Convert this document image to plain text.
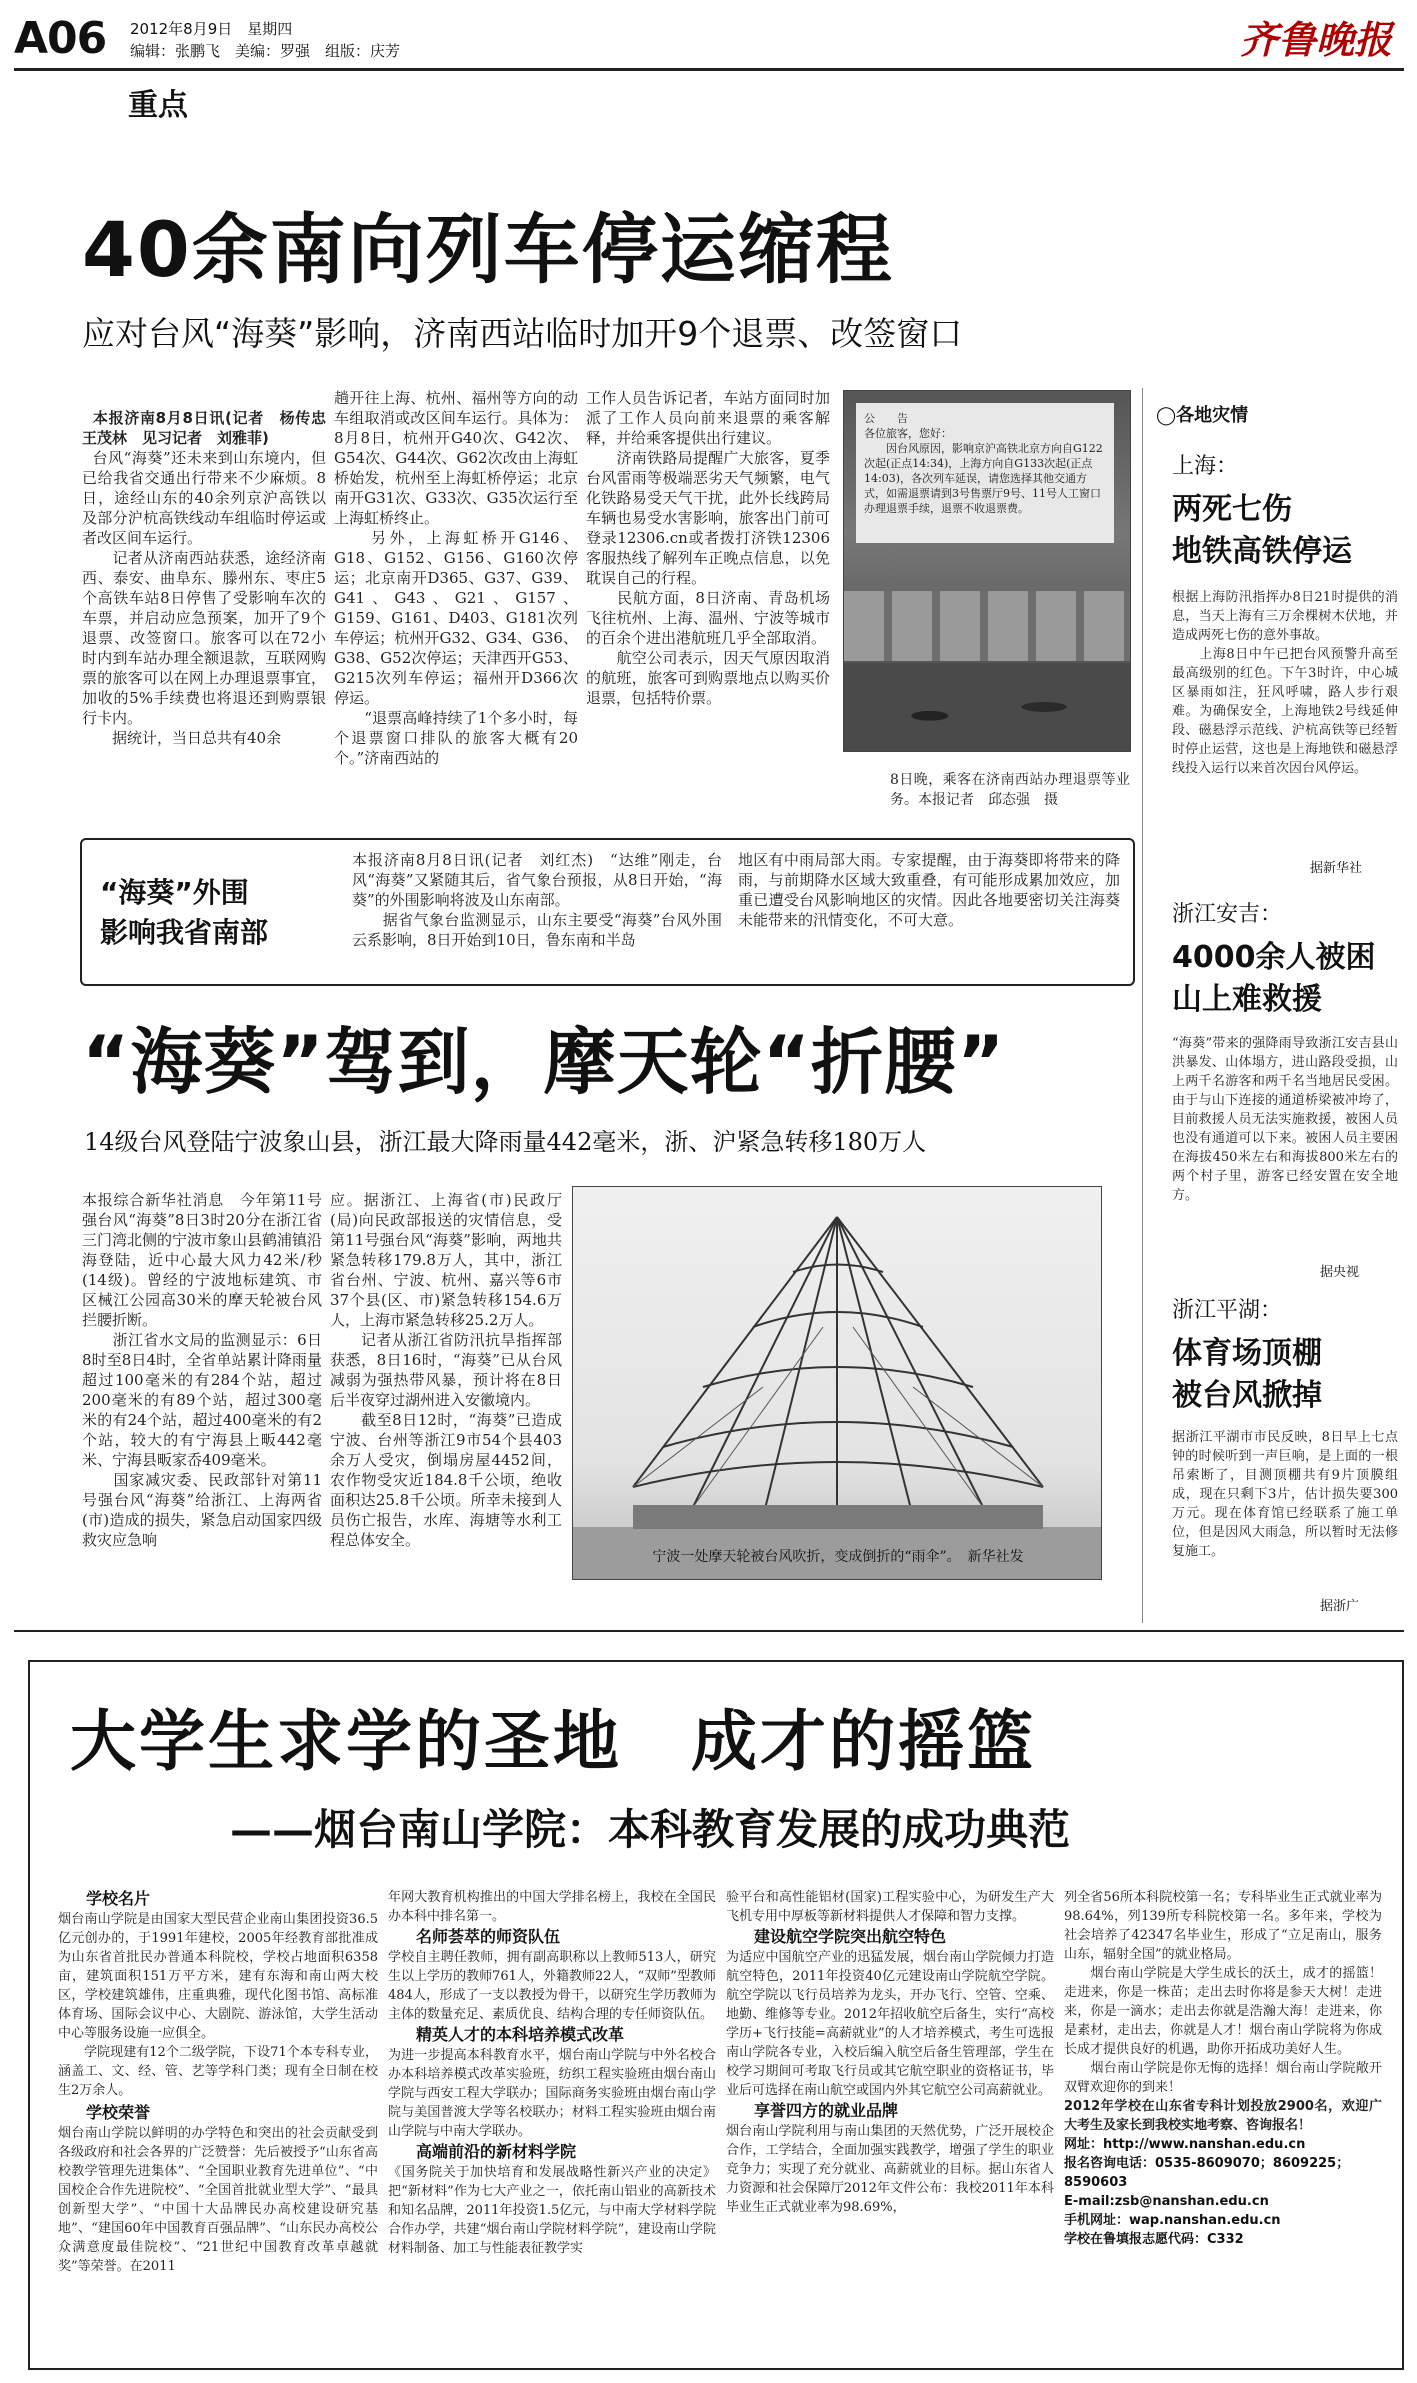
A06 2012年8月9日　星期四
编辑：张鹏飞　美编：罗强　组版：庆芳
重点
齐鲁晚报
40余南向列车停运缩程
应对台风“海葵”影响，济南西站临时加开9个退票、改签窗口

本报济南8月8日讯(记者　杨传忠　王茂林　见习记者　刘雅菲)
台风“海葵”还未来到山东境内，但已给我省交通出行带来不少麻烦。8日，途经山东的40余列京沪高铁以及部分沪杭高铁线动车组临时停运或者改区间车运行。
　　记者从济南西站获悉，途经济南西、泰安、曲阜东、滕州东、枣庄5个高铁车站8日停售了受影响车次的车票，并启动应急预案，加开了9个退票、改签窗口。旅客可以在72小时内到车站办理全额退款，互联网购票的旅客可以在网上办理退票事宜，加收的5%手续费也将退还到购票银行卡内。
　　据统计，当日总共有40余

趟开往上海、杭州、福州等方向的动车组取消或改区间车运行。具体为：8月8日，杭州开G40次、G42次、G54次、G44次、G62次改由上海虹桥始发，杭州至上海虹桥停运；北京南开G31次、G33次、G35次运行至上海虹桥终止。
　　另外，上海虹桥开G146、G18、G152、G156、G160次停运；北京南开D365、G37、G39、G41、G43、G21、G157、G159、G161、D403、G181次列车停运；杭州开G32、G34、G36、G38、G52次停运；天津西开G53、G215次列车停运；福州开D366次停运。
　　“退票高峰持续了1个多小时，每个退票窗口排队的旅客大概有20个。”济南西站的
工作人员告诉记者，车站方面同时加派了工作人员向前来退票的乘客解释，并给乘客提供出行建议。
　　济南铁路局提醒广大旅客，夏季台风雷雨等极端恶劣天气频繁，电气化铁路易受天气干扰，此外长线跨局车辆也易受水害影响，旅客出门前可登录12306.cn或者拨打济铁12306客服热线了解列车正晚点信息，以免耽误自己的行程。
　　民航方面，8日济南、青岛机场飞往杭州、上海、温州、宁波等城市的百余个进出港航班几乎全部取消。
　　航空公司表示，因天气原因取消的航班，旅客可到购票地点以购买价退票，包括特价票。
公　　告
各位旅客，您好：
　　因台风原因，影响京沪高铁北京方向自G122次起(正点14:34)，上海方向自G133次起(正点14:03)，各次列车延误，请您选择其他交通方式，如需退票请到3号售票厅9号、11号人工窗口办理退票手续，退票不收退票费。
8日晚，乘客在济南西站办理退票等业务。本报记者　邱态强　摄
“海葵”外围
影响我省南部
本报济南8月8日讯(记者　刘红杰)　“达维”刚走，台风“海葵”又紧随其后，省气象台预报，从8日开始，“海葵”的外围影响将波及山东南部。
　　据省气象台监测显示，山东主要受“海葵”台风外围云系影响，8日开始到10日，鲁东南和半岛
地区有中雨局部大雨。专家提醒，由于海葵即将带来的降雨，与前期降水区域大致重叠，有可能形成累加效应，加重已遭受台风影响地区的灾情。因此各地要密切关注海葵未能带来的汛情变化，不可大意。
“海葵”驾到，摩天轮“折腰”
14级台风登陆宁波象山县，浙江最大降雨量442毫米，浙、沪紧急转移180万人
本报综合新华社消息　今年第11号强台风“海葵”8日3时20分在浙江省三门湾北侧的宁波市象山县鹤浦镇沿海登陆，近中心最大风力42米/秒(14级)。曾经的宁波地标建筑、市区械江公园高30米的摩天轮被台风拦腰折断。
　　浙江省水文局的监测显示：6日8时至8日4时，全省单站累计降雨量超过100毫米的有284个站，超过200毫米的有89个站，超过300毫米的有24个站，超过400毫米的有2个站，较大的有宁海县上畈442毫米、宁海县畈家岙409毫米。
　　国家减灾委、民政部针对第11号强台风“海葵”给浙江、上海两省(市)造成的损失，紧急启动国家四级救灾应急响
应。据浙江、上海省(市)民政厅(局)向民政部报送的灾情信息，受第11号强台风“海葵”影响，两地共紧急转移179.8万人，其中，浙江省台州、宁波、杭州、嘉兴等6市37个县(区、市)紧急转移154.6万人，上海市紧急转移25.2万人。
　　记者从浙江省防汛抗旱指挥部获悉，8日16时，“海葵”已从台风减弱为强热带风暴，预计将在8日后半夜穿过湖州进入安徽境内。
　　截至8日12时，“海葵”已造成宁波、台州等浙江9市54个县403余万人受灾，倒塌房屋4452间，农作物受灾近184.8千公顷，绝收面积达25.8千公顷。所幸未接到人员伤亡报告，水库、海塘等水利工程总体安全。
宁波一处摩天轮被台风吹折，变成倒折的“雨伞”。　新华社发
◯各地灾情
上海：
两死七伤
地铁高铁停运
根据上海防汛指挥办8日21时提供的消息，当天上海有三万余棵树木伏地，并造成两死七伤的意外事故。
　　上海8日中午已把台风预警升高至最高级别的红色。下午3时许，中心城区暴雨如注，狂风呼啸，路人步行艰难。为确保安全，上海地铁2号线延伸段、磁悬浮示范线、沪杭高铁等已经暂时停止运营，这也是上海地铁和磁悬浮线投入运行以来首次因台风停运。
据新华社
浙江安吉：
4000余人被困
山上难救援
“海葵”带来的强降雨导致浙江安吉县山洪暴发、山体塌方，进山路段受损，山上两千名游客和两千名当地居民受困。由于与山下连接的通道桥梁被冲垮了，目前救援人员无法实施救援，被困人员也没有通道可以下来。被困人员主要困在海拔450米左右和海拔800米左右的两个村子里，游客已经安置在安全地方。
据央视
浙江平湖：
体育场顶棚
被台风掀掉
据浙江平湖市市民反映，8日早上七点钟的时候听到一声巨响，是上面的一根吊索断了，目测顶棚共有9片顶膜组成，现在只剩下3片，估计损失要300万元。现在体育馆已经联系了施工单位，但是因风大雨急，所以暂时无法修复施工。
据浙广
大学生求学的圣地　成才的摇篮
——烟台南山学院：本科教育发展的成功典范
学校名片
烟台南山学院是由国家大型民营企业南山集团投资36.5亿元创办的，于1991年建校，2005年经教育部批准成为山东省首批民办普通本科院校，学校占地面积6358亩，建筑面积151万平方米，建有东海和南山两大校区，学校建筑雄伟，庄重典雅，现代化图书馆、高标准体育场、国际会议中心、大剧院、游泳馆，大学生活动中心等服务设施一应俱全。
　　学院现建有12个二级学院，下设71个本专科专业，涵盖工、文、经、管、艺等学科门类；现有全日制在校生2万余人。
学校荣誉
烟台南山学院以鲜明的办学特色和突出的社会贡献受到各级政府和社会各界的广泛赞誉：先后被授予“山东省高校教学管理先进集体”、“全国职业教育先进单位”、“中国校企合作先进院校”、“全国首批就业型大学”、“最具创新型大学”、“中国十大品牌民办高校建设研究基地”、“建国60年中国教育百强品牌”、“山东民办高校公众满意度最佳院校”、“21世纪中国教育改革卓越就奖”等荣誉。在2011
年网大教育机构推出的中国大学排名榜上，我校在全国民办本科中排名第一。
名师荟萃的师资队伍
学校自主聘任教师，拥有副高职称以上教师513人，研究生以上学历的教师761人，外籍教师22人，“双师”型教师484人，形成了一支以教授为骨干，以研究生学历教师为主体的数量充足、素质优良、结构合理的专任师资队伍。
精英人才的本科培养模式改革
为进一步提高本科教育水平，烟台南山学院与中外名校合办本科培养模式改革实验班，纺织工程实验班由烟台南山学院与西安工程大学联办；国际商务实验班由烟台南山学院与美国普渡大学等名校联办；材料工程实验班由烟台南山学院与中南大学联办。
高端前沿的新材料学院
《国务院关于加快培育和发展战略性新兴产业的决定》把“新材料”作为七大产业之一，依托南山铝业的高新技术和知名品牌，2011年投资1.5亿元，与中南大学材料学院合作办学，共建“烟台南山学院材料学院”，建设南山学院材料制备、加工与性能表征教学实
验平台和高性能铝材(国家)工程实验中心，为研发生产大飞机专用中厚板等新材料提供人才保障和智力支撑。
建设航空学院突出航空特色
为适应中国航空产业的迅猛发展，烟台南山学院倾力打造航空特色，2011年投资40亿元建设南山学院航空学院。航空学院以飞行员培养为龙头，开办飞行、空管、空乘、地勤、维修等专业。2012年招收航空后备生，实行“高校学历+飞行技能=高薪就业”的人才培养模式，考生可选报南山学院各专业，入校后编入航空后备生管理部，学生在校学习期间可考取飞行员或其它航空职业的资格证书，毕业后可选择在南山航空或国内外其它航空公司高薪就业。
享誉四方的就业品牌
烟台南山学院利用与南山集团的天然优势，广泛开展校企合作，工学结合，全面加强实践教学，增强了学生的职业竞争力；实现了充分就业、高薪就业的目标。据山东省人力资源和社会保障厅2012年文件公布：我校2011年本科毕业生正式就业率为98.69%，
列全省56所本科院校第一名；专科毕业生正式就业率为98.64%，列139所专科院校第一名。多年来，学校为社会培养了42347名毕业生，形成了“立足南山，服务山东，辐射全国”的就业格局。
　　烟台南山学院是大学生成长的沃土，成才的摇篮！走进来，你是一株苗；走出去时你将是参天大树！走进来，你是一滴水；走出去你就是浩瀚大海！走进来，你是素材，走出去，你就是人才！烟台南山学院将为你成长成才提供良好的机遇，助你开拓成功美好人生。
　　烟台南山学院是你无悔的选择！烟台南山学院敞开双臂欢迎你的到来！
2012年学校在山东省专科计划投放2900名，欢迎广大考生及家长到我校实地考察、咨询报名！
网址：http://www.nanshan.edu.cn
报名咨询电话：0535-8609070；8609225；8590603
E-mail:zsb@nanshan.edu.cn
手机网址：wap.nanshan.edu.cn
学校在鲁填报志愿代码：C332
